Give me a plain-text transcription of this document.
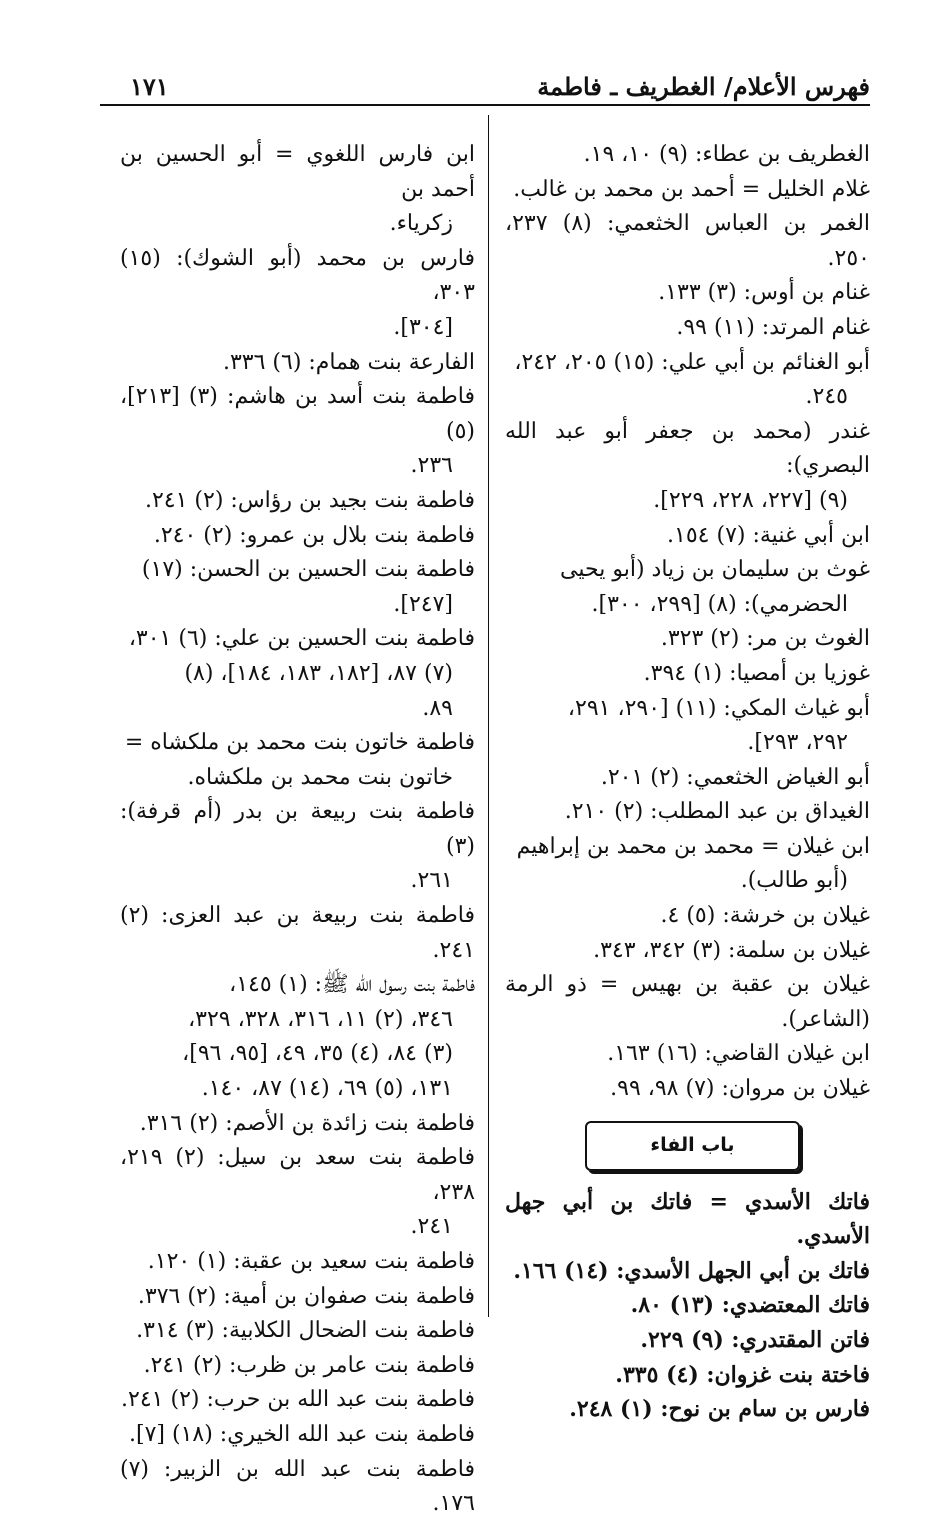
فهرس الأعلام/ الغطريف ـ فاطمة
١٧١
الغطريف بن عطاء: (٩) ١٠، ١٩.
غلام الخليل = أحمد بن محمد بن غالب.
الغمر بن العباس الخثعمي: (٨) ٢٣٧، ٢٥٠.
غنام بن أوس: (٣) ١٣٣.
غنام المرتد: (١١) ٩٩.
أبو الغنائم بن أبي علي: (١٥) ٢٠٥، ٢٤٢،
٢٤٥.
غندر (محمد بن جعفر أبو عبد الله البصري):
(٩) [٢٢٧، ٢٢٨، ٢٢٩].
ابن أبي غنية: (٧) ١٥٤.
غوث بن سليمان بن زياد (أبو يحيى
الحضرمي): (٨) [٢٩٩، ٣٠٠].
الغوث بن مر: (٢) ٣٢٣.
غوزيا بن أمصيا: (١) ٣٩٤.
أبو غياث المكي: (١١) [٢٩٠، ٢٩١،
٢٩٢، ٢٩٣].
أبو الغياض الخثعمي: (٢) ٢٠١.
الغيداق بن عبد المطلب: (٢) ٢١٠.
ابن غيلان = محمد بن محمد بن إبراهيم
(أبو طالب).
غيلان بن خرشة: (٥) ٤.
غيلان بن سلمة: (٣) ٣٤٢، ٣٤٣.
غيلان بن عقبة بن بهيس = ذو الرمة (الشاعر).
ابن غيلان القاضي: (١٦) ١٦٣.
غيلان بن مروان: (٧) ٩٨، ٩٩.
باب الفاء
فاتك الأسدي = فاتك بن أبي جهل الأسدي.
فاتك بن أبي الجهل الأسدي: (١٤) ١٦٦.
فاتك المعتضدي: (١٣) ٨٠.
فاتن المقتدري: (٩) ٢٢٩.
فاختة بنت غزوان: (٤) ٣٣٥.
فارس بن سام بن نوح: (١) ٢٤٨.
ابن فارس اللغوي = أبو الحسين بن أحمد بن
زكرياء.
فارس بن محمد (أبو الشوك): (١٥) ٣٠٣،
[٣٠٤].
الفارعة بنت همام: (٦) ٣٣٦.
فاطمة بنت أسد بن هاشم: (٣) [٢١٣]، (٥)
٢٣٦.
فاطمة بنت بجيد بن رؤاس: (٢) ٢٤١.
فاطمة بنت بلال بن عمرو: (٢) ٢٤٠.
فاطمة بنت الحسين بن الحسن: (١٧)
[٢٤٧].
فاطمة بنت الحسين بن علي: (٦) ٣٠١،
(٧) ٨٧، [١٨٢، ١٨٣، ١٨٤]، (٨)
٨٩.
فاطمة خاتون بنت محمد بن ملكشاه =
خاتون بنت محمد بن ملكشاه.
فاطمة بنت ربيعة بن بدر (أم قرفة): (٣)
٢٦١.
فاطمة بنت ربيعة بن عبد العزى: (٢) ٢٤١.
فاطمة بنت رسول الله ﷺ: (١) ١٤٥،
٣٤٦، (٢) ١١، ٣١٦، ٣٢٨، ٣٢٩،
(٣) ٨٤، (٤) ٣٥، ٤٩، [٩٥، ٩٦]،
١٣١، (٥) ٦٩، (١٤) ٨٧، ١٤٠.
فاطمة بنت زائدة بن الأصم: (٢) ٣١٦.
فاطمة بنت سعد بن سيل: (٢) ٢١٩، ٢٣٨،
٢٤١.
فاطمة بنت سعيد بن عقبة: (١) ١٢٠.
فاطمة بنت صفوان بن أمية: (٢) ٣٧٦.
فاطمة بنت الضحال الكلابية: (٣) ٣١٤.
فاطمة بنت عامر بن ظرب: (٢) ٢٤١.
فاطمة بنت عبد الله بن حرب: (٢) ٢٤١.
فاطمة بنت عبد الله الخيري: (١٨) [٧].
فاطمة بنت عبد الله بن الزبير: (٧) ١٧٦.
